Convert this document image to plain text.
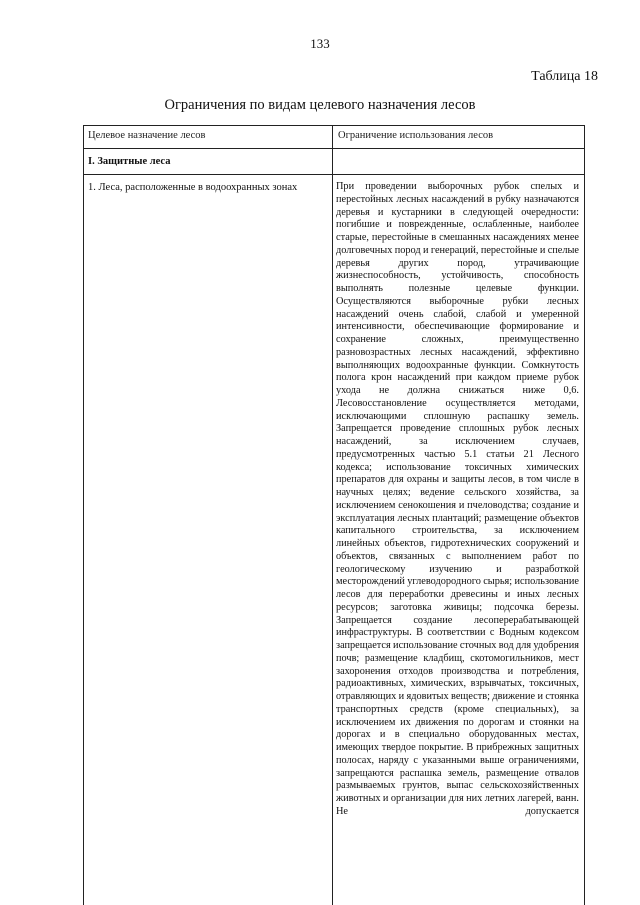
133
Таблица 18
Ограничения по видам целевого назначения лесов
Целевое назначение лесов	Ограничение использования лесов
I. Защитные леса
1. Леса, расположенные в водоохранных зонах	При проведении выборочных рубок спелых и перестойных лесных насаждений в рубку назначаются деревья и кустарники в следующей очередности: погибшие и поврежденные, ослабленные, наиболее старые, перестойные в смешанных насаждениях менее долговечных пород и генераций, перестойные и спелые деревья других пород, утрачивающие жизнеспособность, устойчивость, способность выполнять полезные целевые функции. Осуществляются выборочные рубки лесных насаждений очень слабой, слабой и умеренной интенсивности, обеспечивающие формирование и сохранение сложных, преимущественно разновозрастных лесных насаждений, эффективно выполняющих водоохранные функции. Сомкнутость полога крон насаждений при каждом приеме рубок ухода не должна снижаться ниже 0,6. Лесовосстановление осуществляется методами, исключающими сплошную распашку земель. Запрещается проведение сплошных рубок лесных насаждений, за исключением случаев, предусмотренных частью 5.1 статьи 21 Лесного кодекса; использование токсичных химических препаратов для охраны и защиты лесов, в том числе в научных целях; ведение сельского хозяйства, за исключением сенокошения и пчеловодства; создание и эксплуатация лесных плантаций; размещение объектов капитального строительства, за исключением линейных объектов, гидротехнических сооружений и объектов, связанных с выполнением работ по геологическому изучению и разработкой месторождений углеводородного сырья; использование лесов для переработки древесины и иных лесных ресурсов; заготовка живицы; подсочка березы. Запрещается создание лесоперерабатывающей инфраструктуры. В соответствии с Водным кодексом запрещается использование сточных вод для удобрения почв; размещение кладбищ, скотомогильников, мест захоронения отходов производства и потребления, радиоактивных, химических, взрывчатых, токсичных, отравляющих и ядовитых веществ; движение и стоянка транспортных средств (кроме специальных), за исключением их движения по дорогам и стоянки на дорогах и в специально оборудованных местах, имеющих твердое покрытие. В прибрежных защитных полосах, наряду с указанными выше ограничениями, запрещаются распашка земель, размещение отвалов размываемых грунтов, выпас сельскохозяйственных животных и организации для них летних лагерей, ванн. Не допускается
